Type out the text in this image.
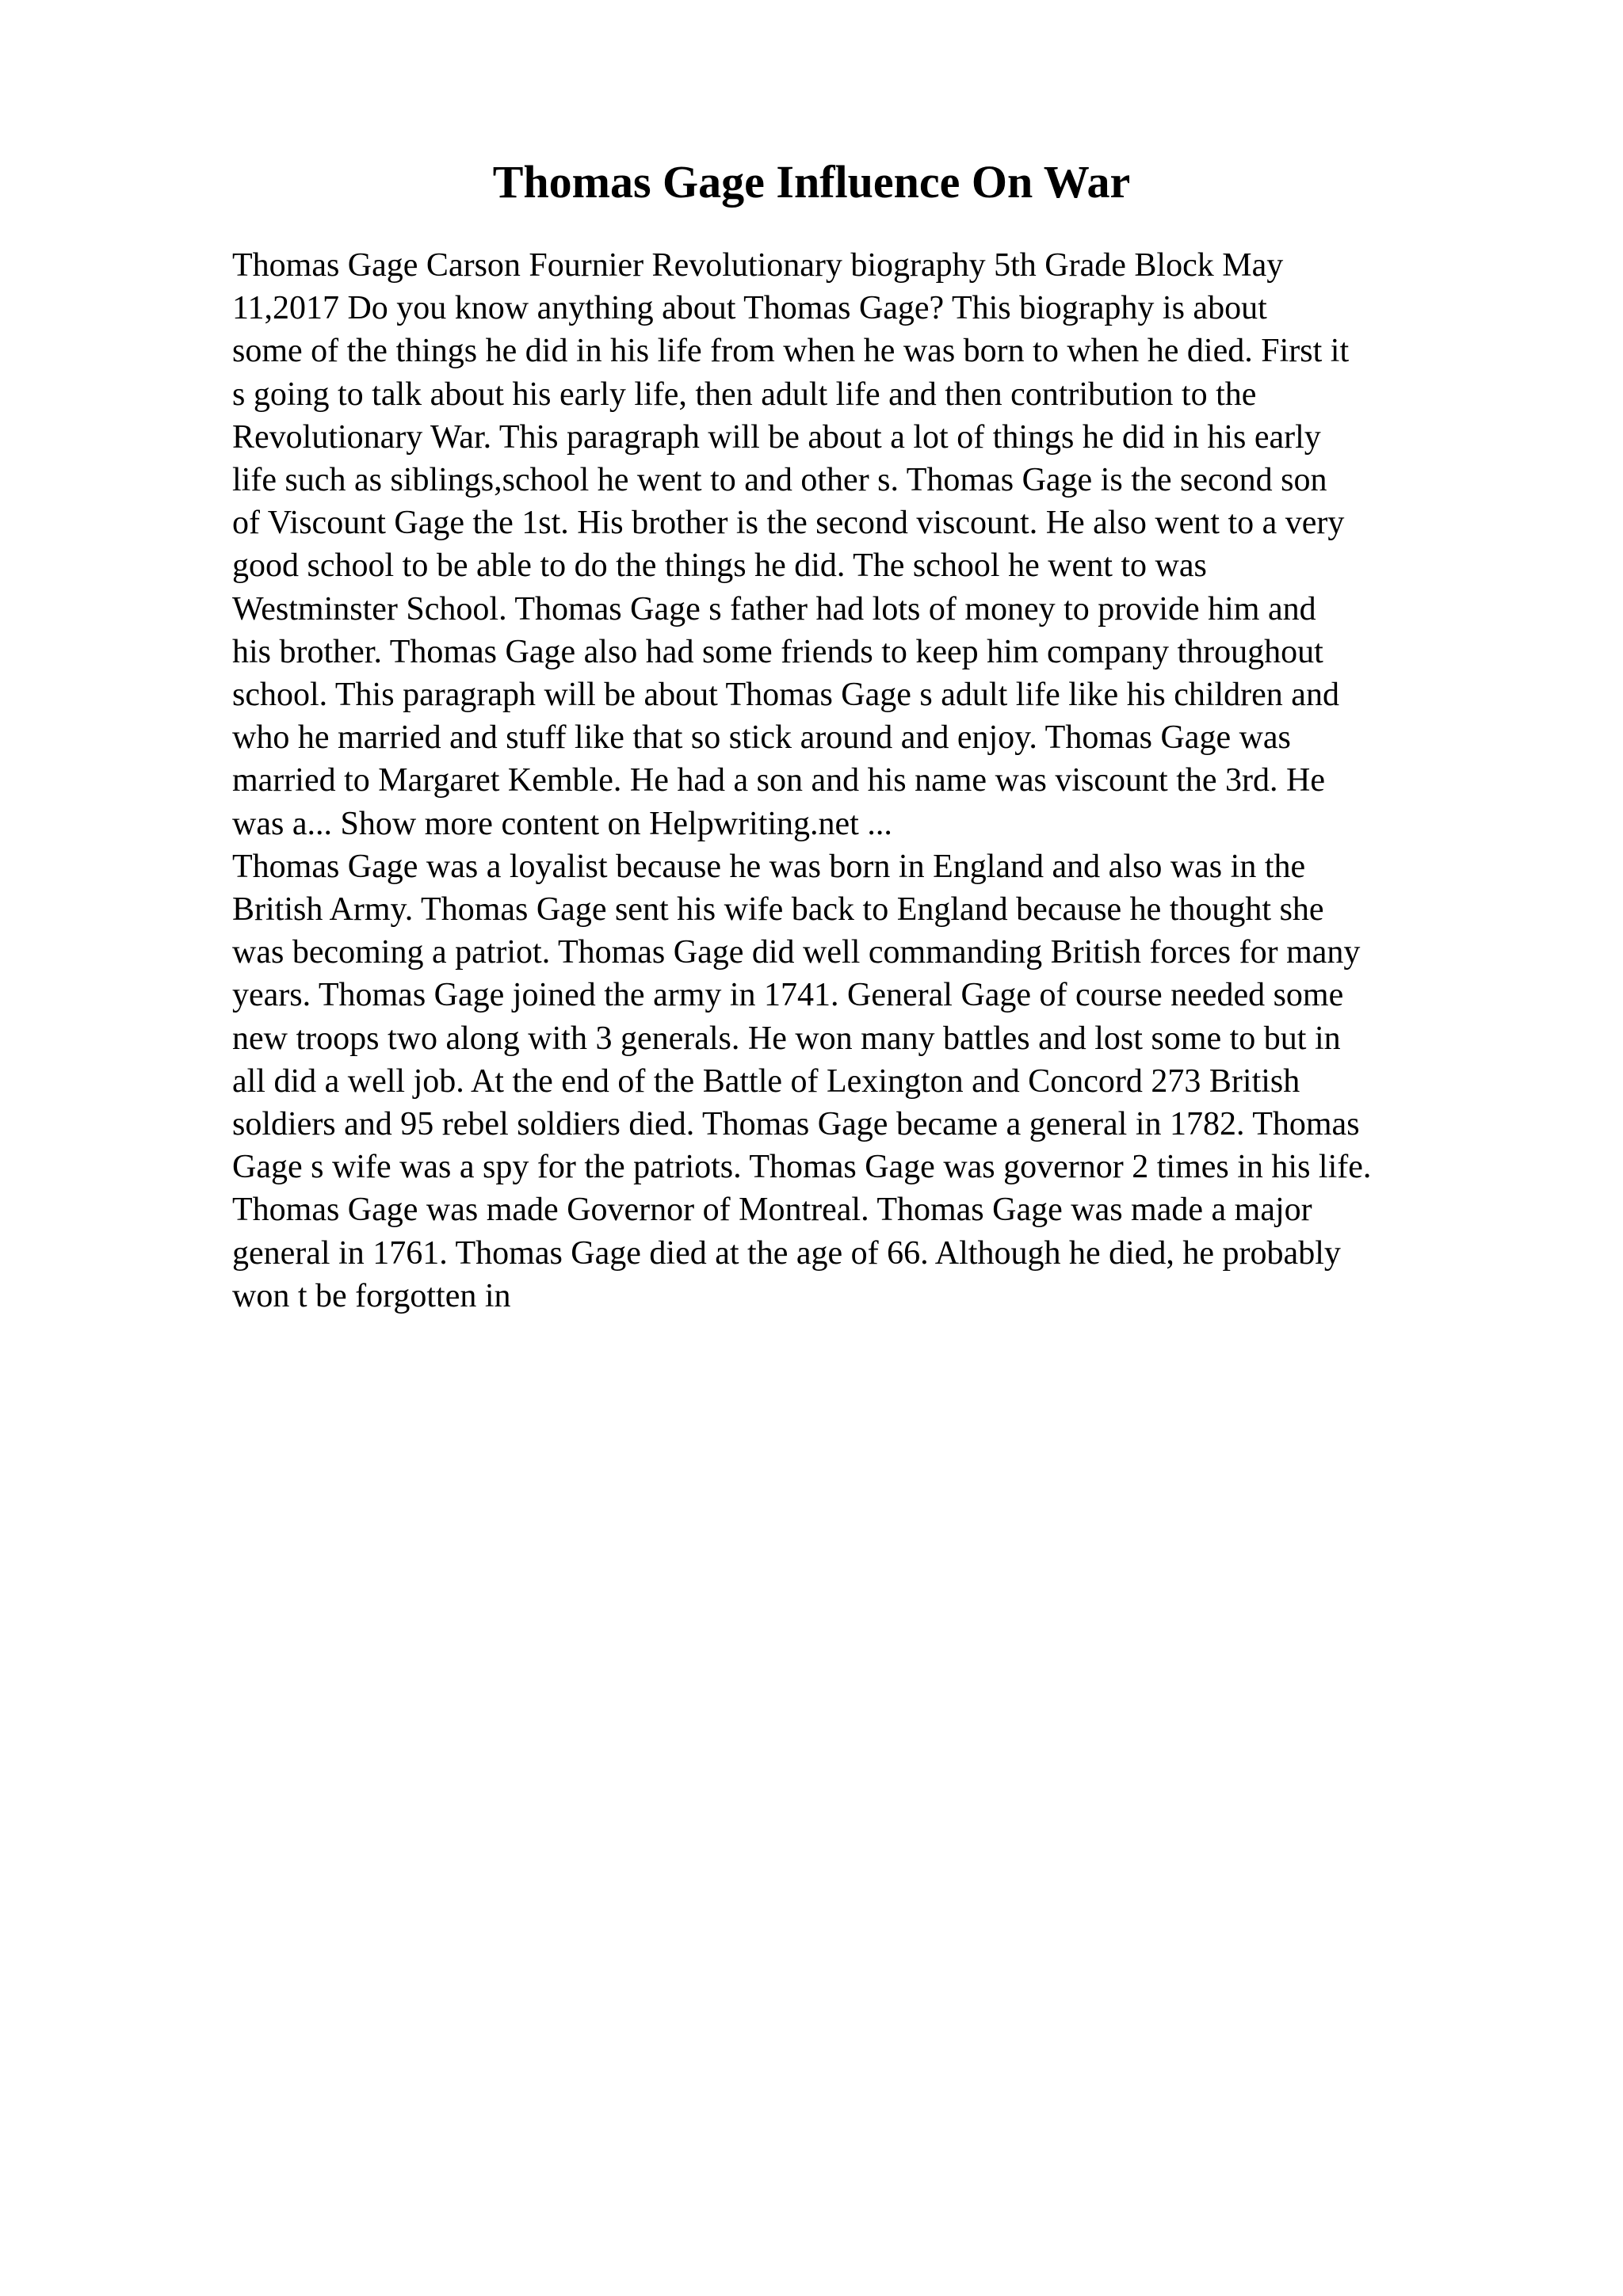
Thomas Gage Influence On War
Thomas Gage Carson Fournier Revolutionary biography 5th Grade Block May
11,2017 Do you know anything about Thomas Gage? This biography is about
some of the things he did in his life from when he was born to when he died. First it
s going to talk about his early life, then adult life and then contribution to the
Revolutionary War. This paragraph will be about a lot of things he did in his early
life such as siblings,school he went to and other s. Thomas Gage is the second son
of Viscount Gage the 1st. His brother is the second viscount. He also went to a very
good school to be able to do the things he did. The school he went to was
Westminster School. Thomas Gage s father had lots of money to provide him and
his brother. Thomas Gage also had some friends to keep him company throughout
school. This paragraph will be about Thomas Gage s adult life like his children and
who he married and stuff like that so stick around and enjoy. Thomas Gage was
married to Margaret Kemble. He had a son and his name was viscount the 3rd. He
was a... Show more content on Helpwriting.net ...
Thomas Gage was a loyalist because he was born in England and also was in the
British Army. Thomas Gage sent his wife back to England because he thought she
was becoming a patriot. Thomas Gage did well commanding British forces for many
years. Thomas Gage joined the army in 1741. General Gage of course needed some
new troops two along with 3 generals. He won many battles and lost some to but in
all did a well job. At the end of the Battle of Lexington and Concord 273 British
soldiers and 95 rebel soldiers died. Thomas Gage became a general in 1782. Thomas
Gage s wife was a spy for the patriots. Thomas Gage was governor 2 times in his life.
Thomas Gage was made Governor of Montreal. Thomas Gage was made a major
general in 1761. Thomas Gage died at the age of 66. Although he died, he probably
won t be forgotten in
